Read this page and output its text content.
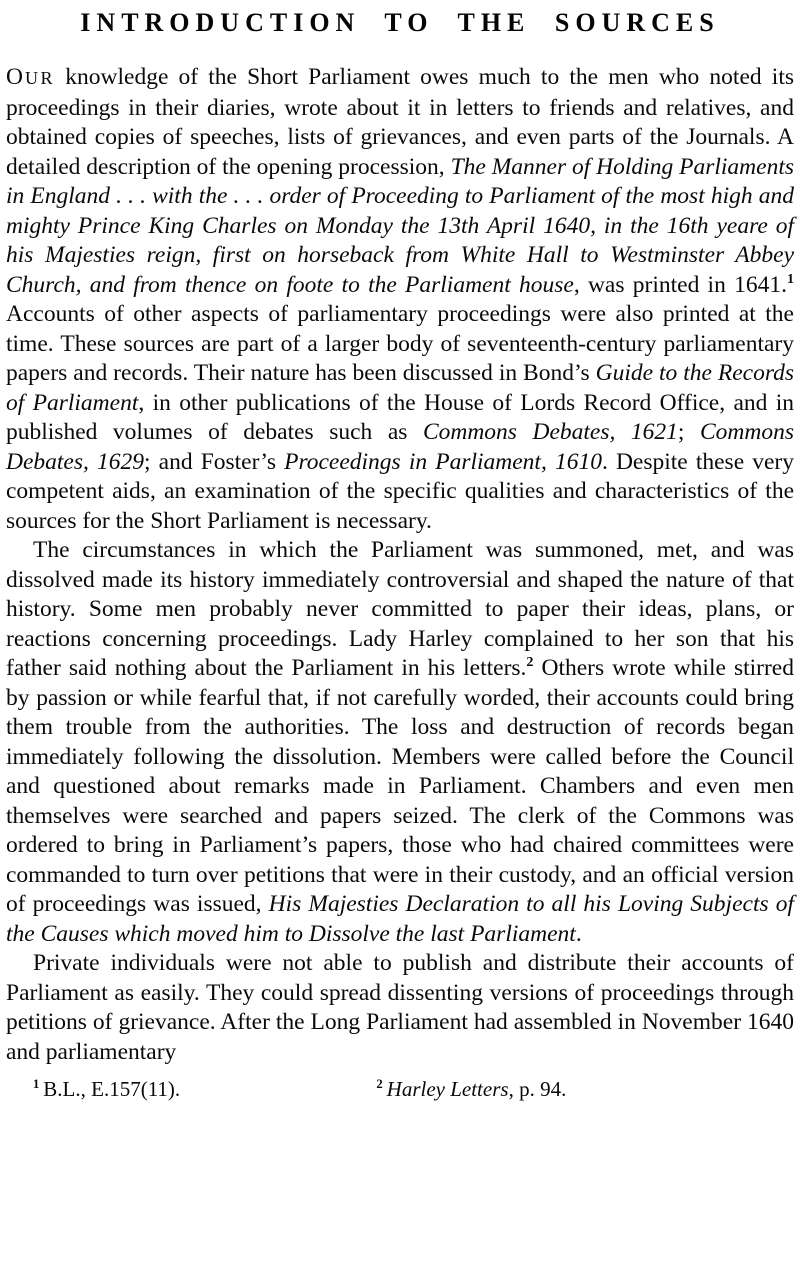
INTRODUCTION TO THE SOURCES

OUR knowledge of the Short Parliament owes much to the men who noted its proceedings in their diaries, wrote about it in letters to friends and relatives, and obtained copies of speeches, lists of grievances, and even parts of the Journals. A detailed description of the opening procession, The Manner of Holding Parliaments in England . . . with the . . . order of Proceeding to Parliament of the most high and mighty Prince King Charles on Monday the 13th April 1640, in the 16th yeare of his Majesties reign, first on horseback from White Hall to Westminster Abbey Church, and from thence on foote to the Parliament house, was printed in 1641.$^1$ Accounts of other aspects of parliamentary proceedings were also printed at the time. These sources are part of a larger body of seventeenth-century parliamentary papers and records. Their nature has been discussed in Bond’s Guide to the Records of Parliament, in other publications of the House of Lords Record Office, and in published volumes of debates such as Commons Debates, 1621; Commons Debates, 1629; and Foster’s Proceedings in Parliament, 1610. Despite these very competent aids, an examination of the specific qualities and characteristics of the sources for the Short Parliament is necessary.

The circumstances in which the Parliament was summoned, met, and was dissolved made its history immediately controversial and shaped the nature of that history. Some men probably never committed to paper their ideas, plans, or reactions concerning proceedings. Lady Harley complained to her son that his father said nothing about the Parliament in his letters.$^2$ Others wrote while stirred by passion or while fearful that, if not carefully worded, their accounts could bring them trouble from the authorities. The loss and destruction of records began immediately following the dissolution. Members were called before the Council and questioned about remarks made in Parliament. Chambers and even men themselves were searched and papers seized. The clerk of the Commons was ordered to bring in Parliament’s papers, those who had chaired committees were commanded to turn over petitions that were in their custody, and an official version of proceedings was issued, His Majesties Declaration to all his Loving Subjects of the Causes which moved him to Dissolve the last Parliament.

Private individuals were not able to publish and distribute their accounts of Parliament as easily. They could spread dissenting versions of proceedings through petitions of grievance. After the Long Parliament had assembled in November 1640 and parliamentary

$^1$ B.L., E.157(11).	$^2$ Harley Letters, p. 94.
